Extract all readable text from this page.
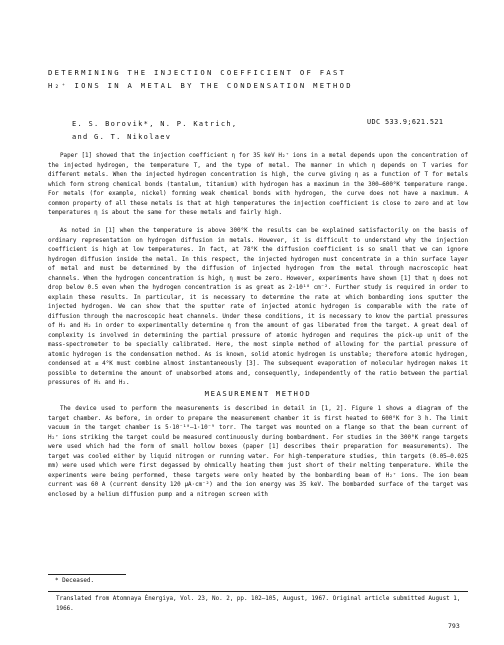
DETERMINING THE INJECTION COEFFICIENT OF FAST
H₂⁺ IONS IN A METAL BY THE CONDENSATION METHOD
E. S. Borovik*, N. P. Katrich,
and G. T. Nikolaev
UDC 533.9;621.521

Paper [1] showed that the injection coefficient η for 35 keV H₂⁺ ions in a metal depends upon the concentration of the injected hydrogen, the temperature T, and the type of metal. The manner in which η depends on T varies for different metals. When the injected hydrogen concentration is high, the curve giving η as a function of T for metals which form strong chemical bonds (tantalum, titanium) with hydrogen has a maximum in the 300–600°K temperature range. For metals (for example, nickel) forming weak chemical bonds with hydrogen, the curve does not have a maximum. A common property of all these metals is that at high temperatures the injection coefficient is close to zero and at low temperatures η is about the same for these metals and fairly high.

As noted in [1] when the temperature is above 300°K the results can be explained satisfactorily on the basis of ordinary representation on hydrogen diffusion in metals. However, it is difficult to understand why the injection coefficient is high at low temperatures. In fact, at 78°K the diffusion coefficient is so small that we can ignore hydrogen diffusion inside the metal. In this respect, the injected hydrogen must concentrate in a thin surface layer of metal and must be determined by the diffusion of injected hydrogen from the metal through macroscopic heat channels. When the hydrogen concentration is high, η must be zero. However, experiments have shown [1] that η does not drop below 0.5 even when the hydrogen concentration is as great as 2·10¹⁸ cm⁻². Further study is required in order to explain these results. In particular, it is necessary to determine the rate at which bombarding ions sputter the injected hydrogen. We can show that the sputter rate of injected atomic hydrogen is comparable with the rate of diffusion through the macroscopic heat channels. Under these conditions, it is necessary to know the partial pressures of H₁ and H₂ in order to experimentally determine η from the amount of gas liberated from the target. A great deal of complexity is involved in determining the partial pressure of atomic hydrogen and requires the pick-up unit of the mass-spectrometer to be specially calibrated. Here, the most simple method of allowing for the partial pressure of atomic hydrogen is the condensation method. As is known, solid atomic hydrogen is unstable; therefore atomic hydrogen, condensed at ≤ 4°K must combine almost instantaneously [3]. The subsequent evaporation of molecular hydrogen makes it possible to determine the amount of unabsorbed atoms and, consequently, independently of the ratio between the partial pressures of H₁ and H₂.

MEASUREMENT METHOD

The device used to perform the measurements is described in detail in [1, 2]. Figure 1 shows a diagram of the target chamber. As before, in order to prepare the measurement chamber it is first heated to 600°K for 3 h. The limit vacuum in the target chamber is 5·10⁻¹⁰–1·10⁻⁹ torr. The target was mounted on a flange so that the beam current of H₂⁺ ions striking the target could be measured continuously during bombardment. For studies in the 300°K range targets were used which had the form of small hollow boxes (paper [1] describes their preparation for measurements). The target was cooled either by liquid nitrogen or running water. For high-temperature studies, thin targets (0.05–0.025 mm) were used which were first degassed by ohmically heating them just short of their melting temperature. While the experiments were being performed, these targets were only heated by the bombarding beam of H₂⁺ ions. The ion beam current was 60 A (current density 120 μA·cm⁻²) and the ion energy was 35 keV. The bombarded surface of the target was enclosed by a helium diffusion pump and a nitrogen screen with

* Deceased.
Translated from Atomnaya Énergiya, Vol. 23, No. 2, pp. 102–105, August, 1967. Original article submitted August 1, 1966.
793
